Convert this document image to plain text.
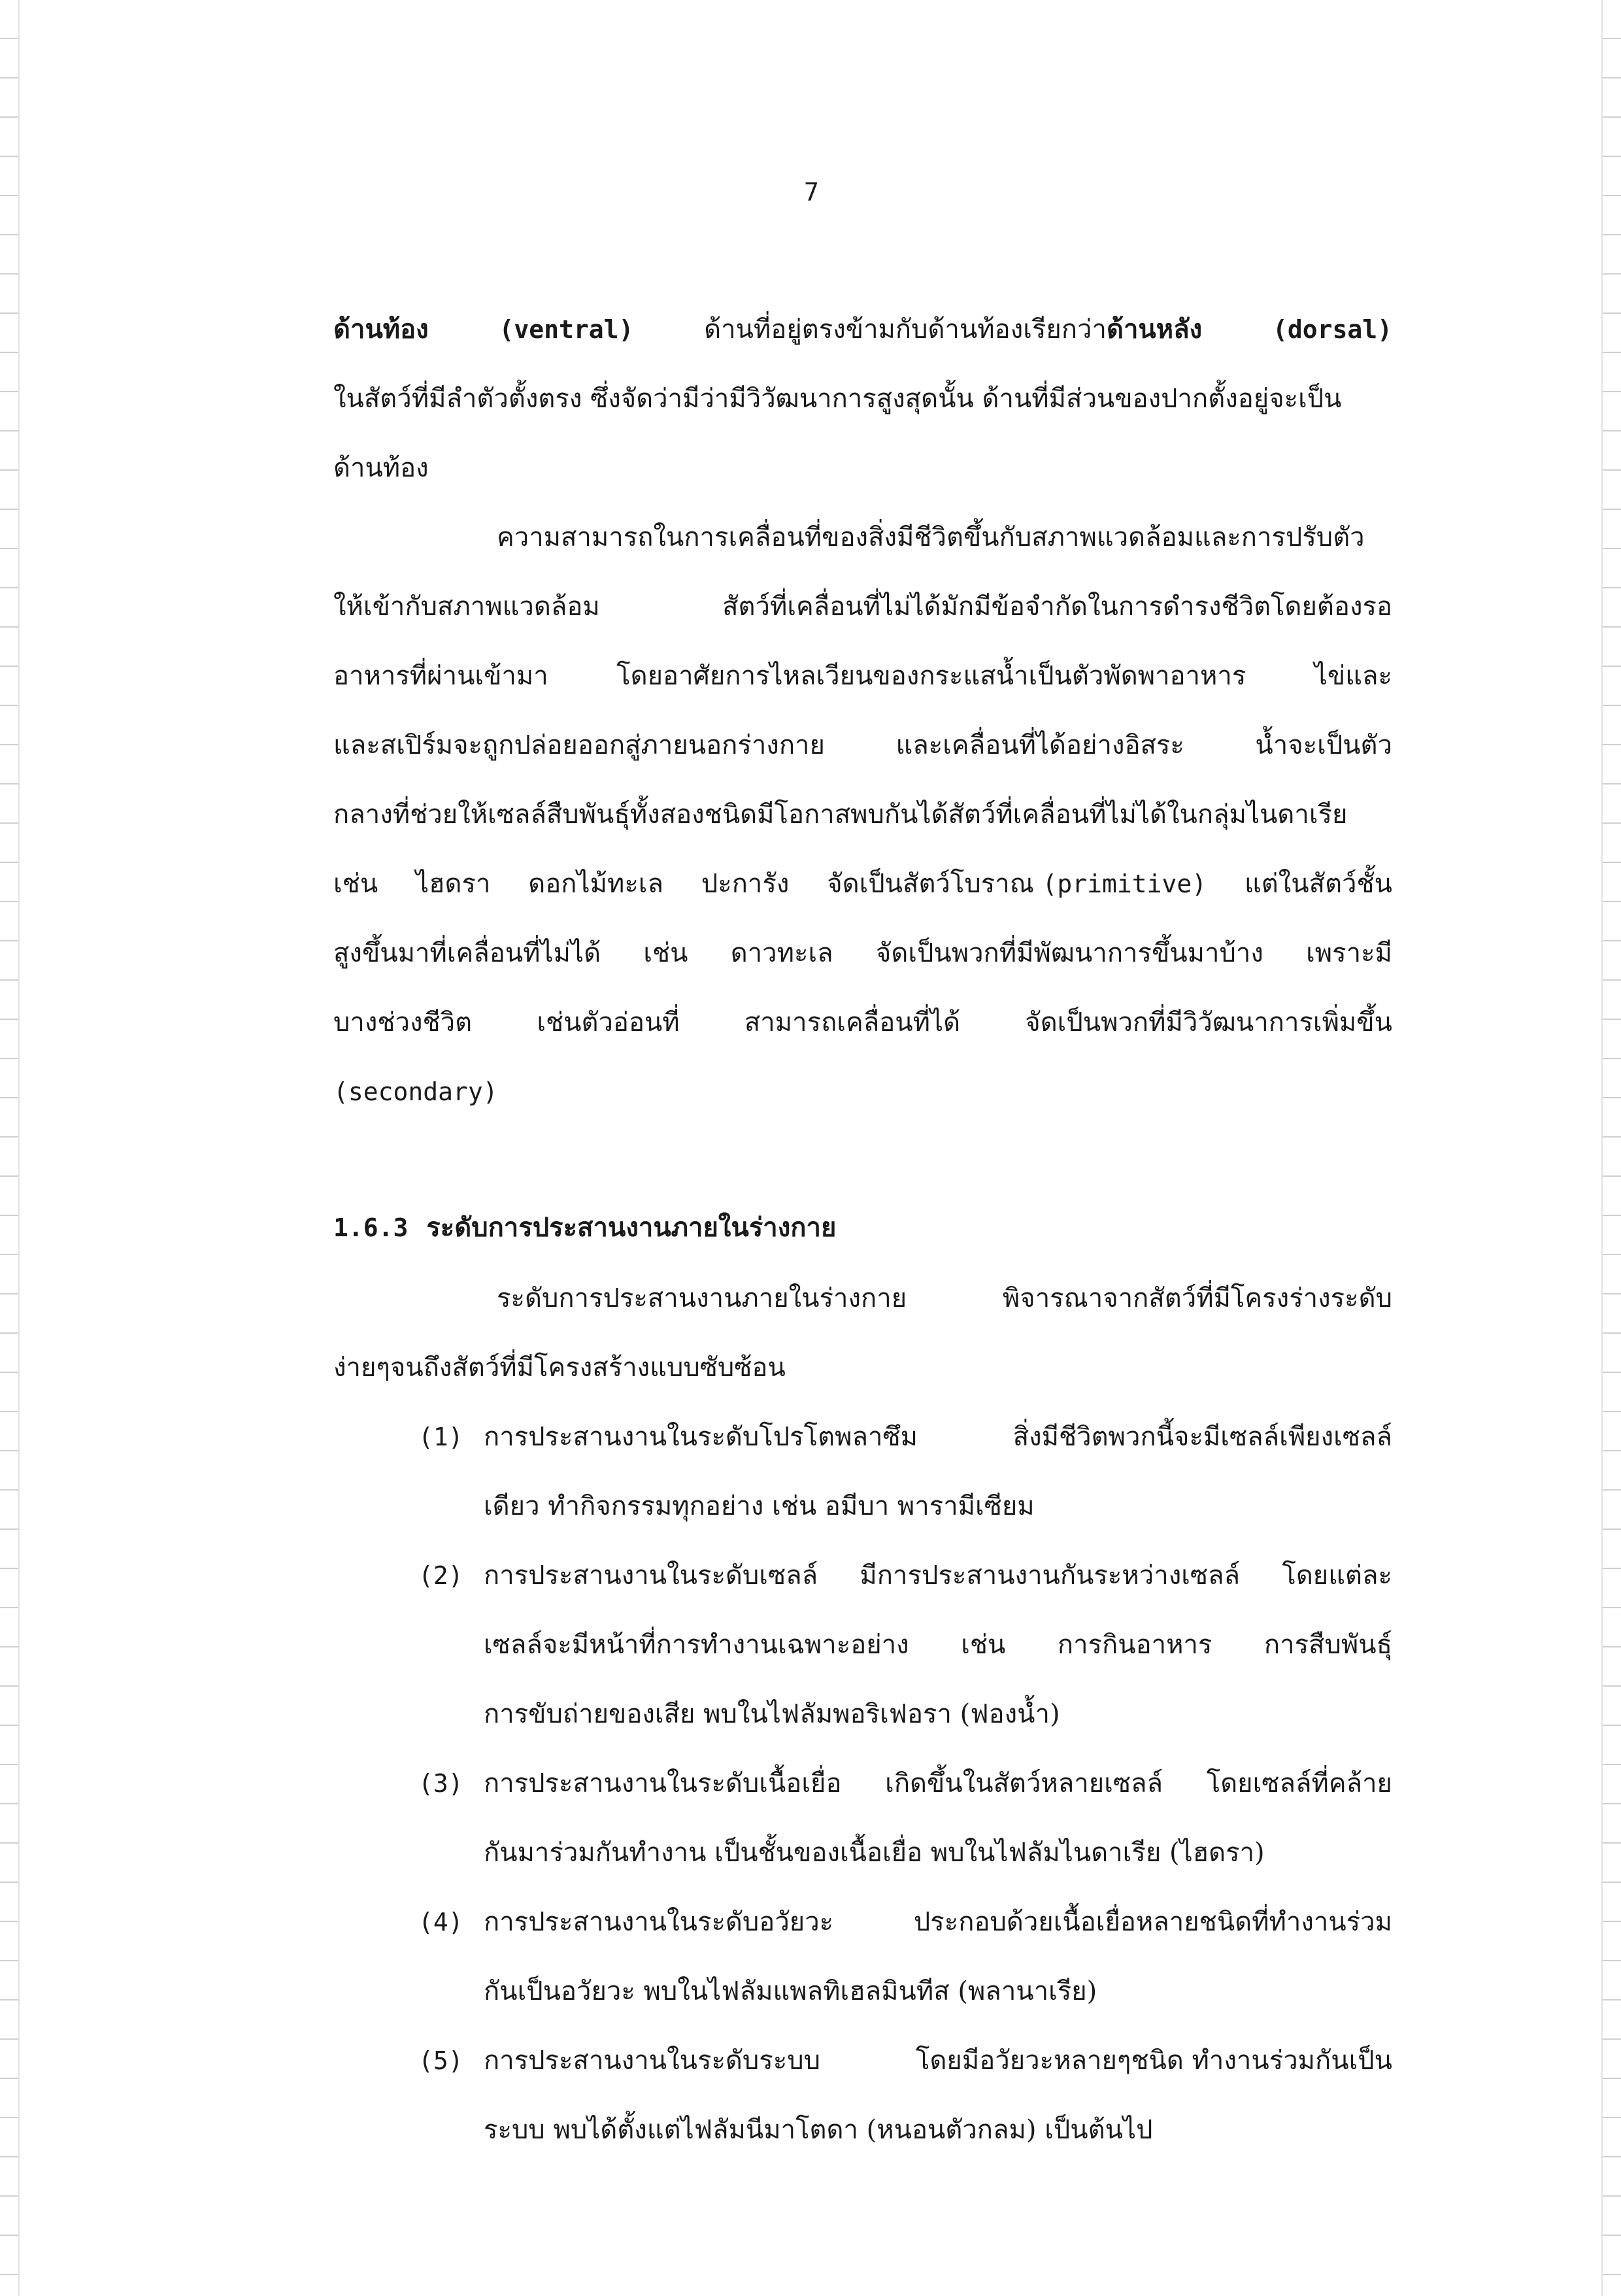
7
ด้านท้อง	(ventral)	ด้านที่อยู่ตรงข้ามกับด้านท้องเรียกว่าด้านหลัง	(dorsal)
ในสัตว์ที่มีลำตัวตั้งตรง ซึ่งจัดว่ามีว่ามีวิวัฒนาการสูงสุดนั้น ด้านที่มีส่วนของปากตั้งอยู่จะเป็น
ด้านท้อง
ความสามารถในการเคลื่อนที่ของสิ่งมีชีวิตขึ้นกับสภาพแวดล้อมและการปรับตัว
ให้เข้ากับสภาพแวดล้อม	สัตว์ที่เคลื่อนที่ไม่ได้มักมีข้อจำกัดในการดำรงชีวิตโดยต้องรอ
อาหารที่ผ่านเข้ามา	โดยอาศัยการไหลเวียนของกระแสน้ำเป็นตัวพัดพาอาหาร	ไข่และ
และสเปิร์มจะถูกปล่อยออกสู่ภายนอกร่างกาย	และเคลื่อนที่ได้อย่างอิสระ	น้ำจะเป็นตัว
กลางที่ช่วยให้เซลล์สืบพันธุ์ทั้งสองชนิดมีโอกาสพบกันได้สัตว์ที่เคลื่อนที่ไม่ได้ในกลุ่มไนดาเรีย
เช่น ไฮดรา ดอกไม้ทะเล ปะการัง จัดเป็นสัตว์โบราณ (primitive) แต่ในสัตว์ชั้น
สูงขึ้นมาที่เคลื่อนที่ไม่ได้ เช่น ดาวทะเล จัดเป็นพวกที่มีพัฒนาการขึ้นมาบ้าง เพราะมี
บางช่วงชีวิต เช่นตัวอ่อนที่ สามารถเคลื่อนที่ได้ จัดเป็นพวกที่มีวิวัฒนาการเพิ่มขึ้น
(secondary)
1.6.3 ระดับการประสานงานภายในร่างกาย
ระดับการประสานงานภายในร่างกาย	พิจารณาจากสัตว์ที่มีโครงร่างระดับ
ง่ายๆจนถึงสัตว์ที่มีโครงสร้างแบบซับซ้อน
(1) การประสานงานในระดับโปรโตพลาซึม	สิ่งมีชีวิตพวกนี้จะมีเซลล์เพียงเซลล์
เดียว ทำกิจกรรมทุกอย่าง เช่น อมีบา พารามีเซียม
(2) การประสานงานในระดับเซลล์ มีการประสานงานกันระหว่างเซลล์ โดยแต่ละ
เซลล์จะมีหน้าที่การทำงานเฉพาะอย่าง เช่น การกินอาหาร การสืบพันธุ์
การขับถ่ายของเสีย พบในไฟลัมพอริเฟอรา (ฟองน้ำ)
(3) การประสานงานในระดับเนื้อเยื่อ เกิดขึ้นในสัตว์หลายเซลล์ โดยเซลล์ที่คล้าย
กันมาร่วมกันทำงาน เป็นชั้นของเนื้อเยื่อ พบในไฟลัมไนดาเรีย (ไฮดรา)
(4) การประสานงานในระดับอวัยวะ	ประกอบด้วยเนื้อเยื่อหลายชนิดที่ทำงานร่วม
กันเป็นอวัยวะ พบในไฟลัมแพลทิเฮลมินทีส (พลานาเรีย)
(5) การประสานงานในระดับระบบ	โดยมีอวัยวะหลายๆชนิด ทำงานร่วมกันเป็น
ระบบ พบได้ตั้งแต่ไฟลัมนีมาโตดา (หนอนตัวกลม) เป็นต้นไป
